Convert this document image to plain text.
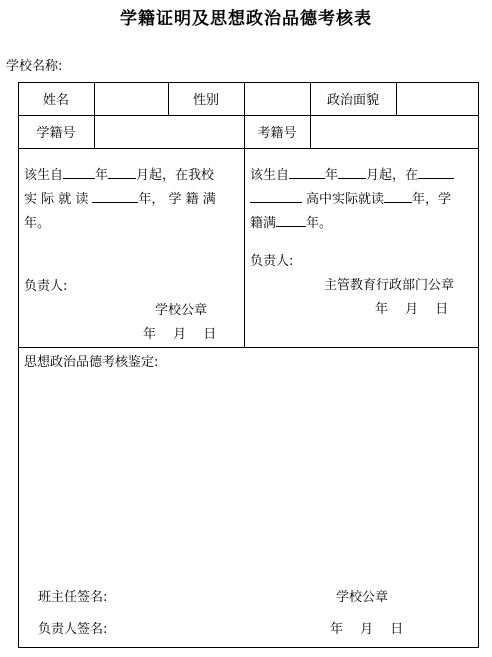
学籍证明及思想政治品德考核表
学校名称:
姓名	性别	政治面貌
学籍号	考籍号
该生自 年 月起，在我校
实 际 就 读	年， 学 籍 满
年。
负责人:
学校公章
年　 月　 日
该生自	年 月起，在
高中实际就读 年，学
籍满 年。
负责人:
主管教育行政部门公章
年　 月　 日
思想政治品德考核鉴定:
班主任签名:	学校公章
负责人签名:	年　 月　 日
